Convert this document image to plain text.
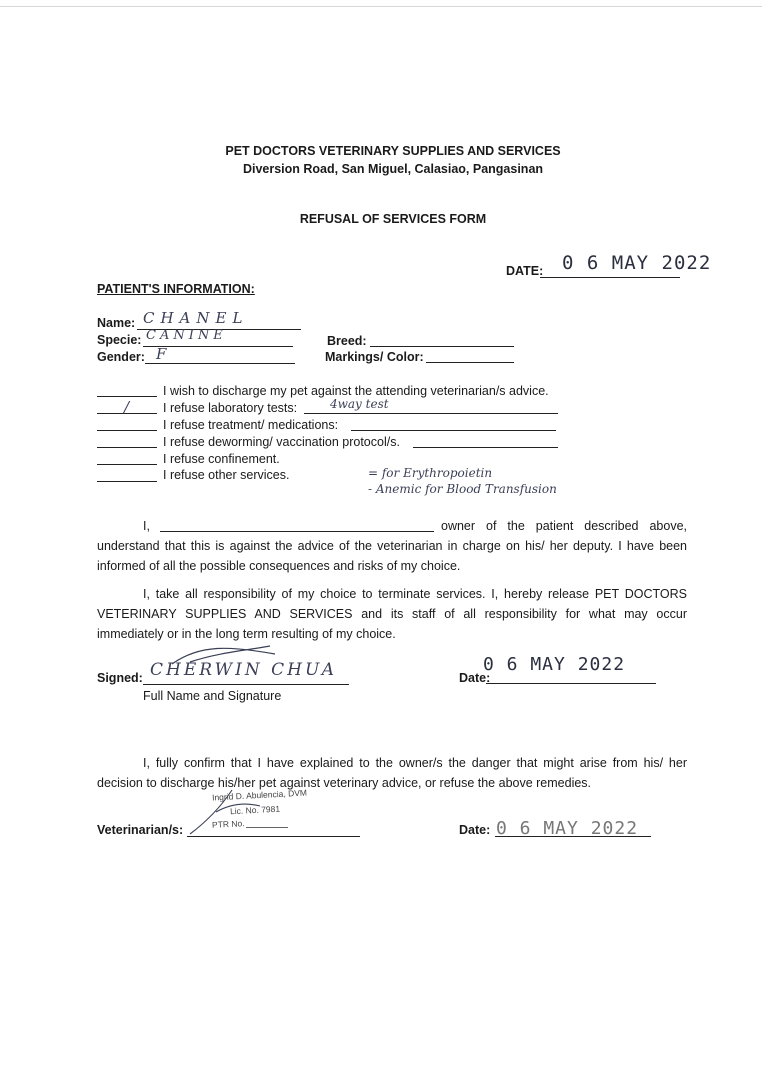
PET DOCTORS VETERINARY SUPPLIES AND SERVICES
Diversion Road, San Miguel, Calasiao, Pangasinan
REFUSAL OF SERVICES FORM
DATE: 0 6 MAY 2022
PATIENT'S INFORMATION:
Name: CHANEL
Specie: CANINE
Gender: F
Breed:
Markings/ Color:
I wish to discharge my pet against the attending veterinarian/s advice.
/	I refuse laboratory tests:	4way test
I refuse treatment/ medications:
I refuse deworming/ vaccination protocol/s.
I refuse confinement.
I refuse other services.	= for Erythropoietin
- Anemic for Blood Transfusion
I,	owner of the patient described above,
understand that this is against the advice of the veterinarian in charge on his/ her deputy. I have been informed of all the possible consequences and risks of my choice.
I, take all responsibility of my choice to terminate services. I, hereby release PET DOCTORS VETERINARY SUPPLIES AND SERVICES and its staff of all responsibility for what may occur immediately or in the long term resulting of my choice.
Signed: CHERWIN CHUA
Full Name and Signature
Date:
0 6 MAY 2022
I, fully confirm that I have explained to the owner/s the danger that might arise from his/ her decision to discharge his/her pet against veterinary advice, or refuse the above remedies.
Veterinarian/s:
Ingrid D. Abulencia, DVM
Lic. No. 7981
PTR No.	Date: 0 6 MAY 2022
